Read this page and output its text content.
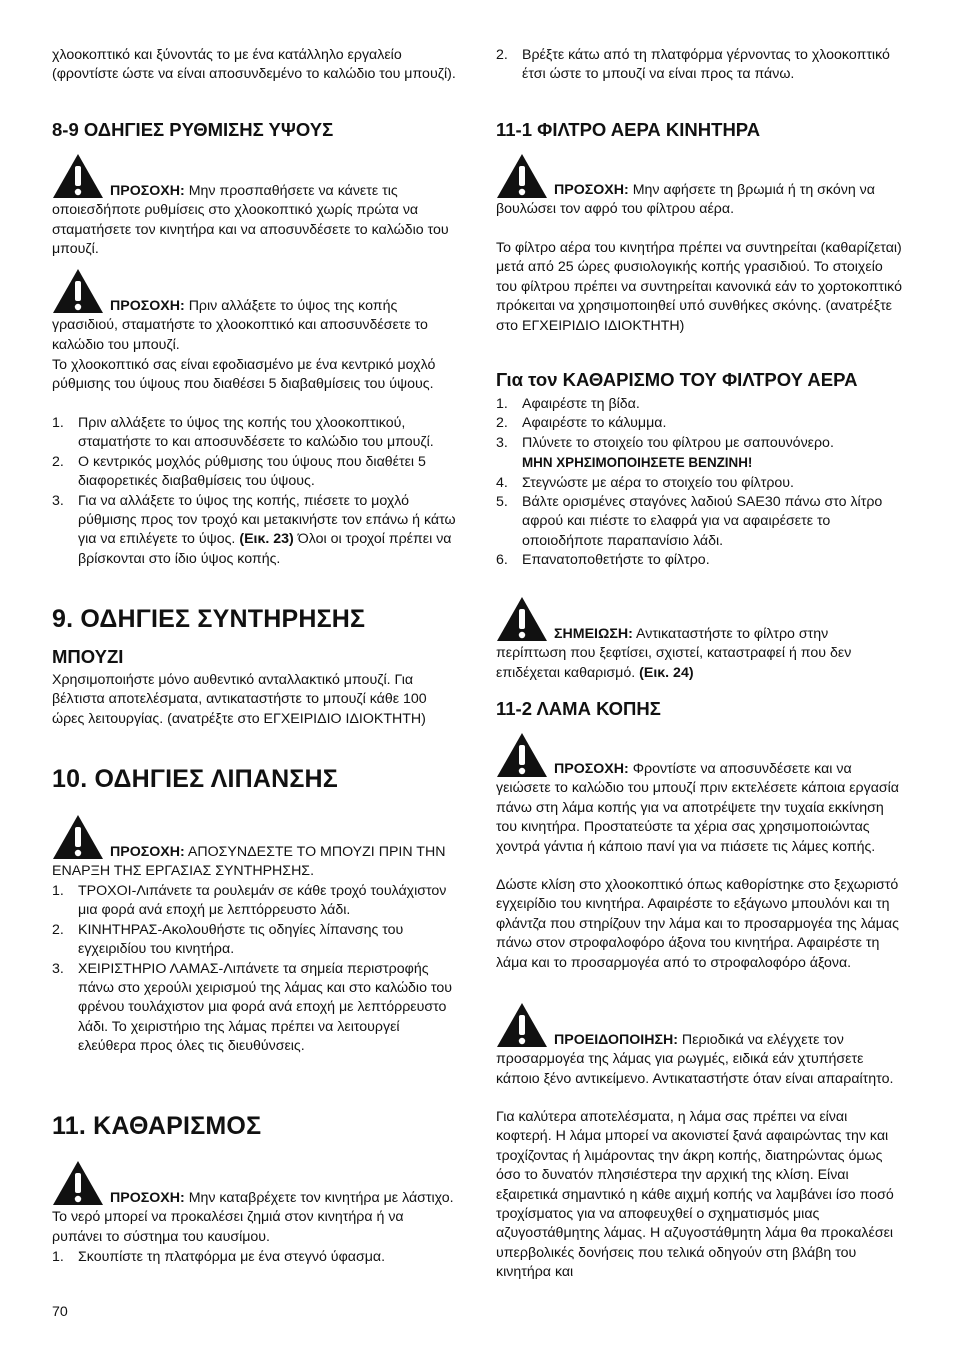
χλοοκοπτικό και ξύνοντάς το με ένα κατάλληλο εργαλείο (φροντίστε ώστε να είναι αποσυνδεμένο το καλώδιο του μπουζί).

8-9 ΟΔΗΓΙΕΣ ΡΥΘΜΙΣΗΣ ΥΨΟΥΣ

ΠΡΟΣΟΧΗ: Μην προσπαθήσετε να κάνετε τις οποιεσδήποτε ρυθμίσεις στο χλοοκοπτικό χωρίς πρώτα να σταματήσετε τον κινητήρα και να αποσυνδέσετε το καλώδιο του μπουζί.

ΠΡΟΣΟΧΗ: Πριν αλλάξετε το ύψος της κοπής γρασιδιού, σταματήστε το χλοοκοπτικό και αποσυνδέσετε το καλώδιο του μπουζί.

Το χλοοκοπτικό σας είναι εφοδιασμένο με ένα κεντρικό μοχλό ρύθμισης του ύψους που διαθέσει 5 διαβαθμίσεις του ύψους.

1. Πριν αλλάξετε το ύψος της κοπής του χλοοκοπτικού, σταματήστε το και αποσυνδέσετε το καλώδιο του μπουζί.
2. Ο κεντρικός μοχλός ρύθμισης του ύψους που διαθέτει 5 διαφορετικές διαβαθμίσεις του ύψους.
3. Για να αλλάξετε το ύψος της κοπής, πιέσετε το μοχλό ρύθμισης προς τον τροχό και μετακινήστε τον επάνω ή κάτω για να επιλέγετε το ύψος. (Εικ. 23) Όλοι οι τροχοί πρέπει να βρίσκονται στο ίδιο ύψος κοπής.
9. ΟΔΗΓΙΕΣ ΣΥΝΤΗΡΗΣΗΣ
ΜΠΟΥΖΙ

Χρησιμοποιήστε μόνο αυθεντικό ανταλλακτικό μπουζί. Για βέλτιστα αποτελέσματα, αντικαταστήστε το μπουζί κάθε 100 ώρες λειτουργίας. (ανατρέξτε στο ΕΓΧΕΙΡΙΔΙΟ ΙΔΙΟΚΤΗΤΗ)

10. ΟΔΗΓΙΕΣ ΛΙΠΑΝΣΗΣ

ΠΡΟΣΟΧΗ: ΑΠΟΣΥΝΔΕΣΤΕ ΤΟ ΜΠΟΥΖΙ ΠΡΙΝ ΤΗΝ ΕΝΑΡΞΗ ΤΗΣ ΕΡΓΑΣΙΑΣ ΣΥΝΤΗΡΗΣΗΣ.

1. ΤΡΟΧΟΙ-Λιπάνετε τα ρουλεμάν σε κάθε τροχό τουλάχιστον μια φορά ανά εποχή με λεπτόρρευστο λάδι.
2. ΚΙΝΗΤΗΡΑΣ-Ακολουθήστε τις οδηγίες λίπανσης του εγχειριδίου του κινητήρα.
3. ΧΕΙΡΙΣΤΗΡΙΟ ΛΑΜΑΣ-Λιπάνετε τα σημεία περιστροφής πάνω στο χερούλι χειρισμού της λάμας και στο καλώδιο του φρένου τουλάχιστον μια φορά ανά εποχή με λεπτόρρευστο λάδι. Το χειριστήριο της λάμας πρέπει να λειτουργεί ελεύθερα προς όλες τις διευθύνσεις.
11. ΚΑΘΑΡΙΣΜΟΣ

ΠΡΟΣΟΧΗ: Μην καταβρέχετε τον κινητήρα με λάστιχο. Το νερό μπορεί να προκαλέσει ζημιά στον κινητήρα ή να ρυπάνει το σύστημα του καυσίμου.

1. Σκουπίστε τη πλατφόρμα με ένα στεγνό ύφασμα.
2. Βρέξτε κάτω από τη πλατφόρμα γέρνοντας το χλοοκοπτικό έτσι ώστε το μπουζί να είναι προς τα πάνω.
11-1 ΦΙΛΤΡΟ ΑΕΡΑ ΚΙΝΗΤΗΡΑ

ΠΡΟΣΟΧΗ: Μην αφήσετε τη βρωμιά ή τη σκόνη να βουλώσει τον αφρό του φίλτρου αέρα.

Το φίλτρο αέρα του κινητήρα πρέπει να συντηρείται (καθαρίζεται) μετά από 25 ώρες φυσιολογικής κοπής γρασιδιού. Το στοιχείο του φίλτρου πρέπει να συντηρείται κανονικά εάν το χορτοκοπτικό πρόκειται να χρησιμοποιηθεί υπό συνθήκες σκόνης. (ανατρέξτε στο ΕΓΧΕΙΡΙΔΙΟ ΙΔΙΟΚΤΗΤΗ)

Για τον ΚΑΘΑΡΙΣΜΟ ΤΟΥ ΦΙΛΤΡΟΥ ΑΕΡΑ
1. Αφαιρέστε τη βίδα.
2. Αφαιρέστε το κάλυμμα.
3. Πλύνετε το στοιχείο του φίλτρου με σαπουνόνερο.
ΜΗΝ ΧΡΗΣΙΜΟΠΟΙΗΣΕΤΕ ΒΕΝΖΙΝΗ!
4. Στεγνώστε με αέρα το στοιχείο του φίλτρου.
5. Βάλτε ορισμένες σταγόνες λαδιού SAE30 πάνω στο λίτρο αφρού και πιέστε το ελαφρά για να αφαιρέσετε το οποιοδήποτε παραπανίσιο λάδι.
6. Επανατοποθετήστε το φίλτρο.

ΣΗΜΕΙΩΣΗ: Αντικαταστήστε το φίλτρο στην περίπτωση που ξεφτίσει, σχιστεί, καταστραφεί ή που δεν επιδέχεται καθαρισμό. (Εικ. 24)

11-2 ΛΑΜΑ ΚΟΠΗΣ

ΠΡΟΣΟΧΗ: Φροντίστε να αποσυνδέσετε και να γειώσετε το καλώδιο του μπουζί πριν εκτελέσετε κάποια εργασία πάνω στη λάμα κοπής για να αποτρέψετε την τυχαία εκκίνηση του κινητήρα. Προστατεύστε τα χέρια σας χρησιμοποιώντας χοντρά γάντια ή κάποιο πανί για να πιάσετε τις λάμες κοπής.

Δώστε κλίση στο χλοοκοπτικό όπως καθορίστηκε στο ξεχωριστό εγχειρίδιο του κινητήρα. Αφαιρέστε το εξάγωνο μπουλόνι και τη φλάντζα που στηρίζουν την λάμα και το προσαρμογέα της λάμας πάνω στον στροφαλοφόρο άξονα του κινητήρα. Αφαιρέστε τη λάμα και το προσαρμογέα από το στροφαλοφόρο άξονα.

ΠΡΟΕΙΔΟΠΟΙΗΣΗ: Περιοδικά να ελέγχετε τον προσαρμογέα της λάμας για ρωγμές, ειδικά εάν χτυπήσετε κάποιο ξένο αντικείμενο. Αντικαταστήστε όταν είναι απαραίτητο.

Για καλύτερα αποτελέσματα, η λάμα σας πρέπει να είναι κοφτερή. Η λάμα μπορεί να ακονιστεί ξανά αφαιρώντας την και τροχίζοντας ή λιμάροντας την άκρη κοπής, διατηρώντας όμως όσο το δυνατόν πλησιέστερα την αρχική της κλίση. Είναι εξαιρετικά σημαντικό η κάθε αιχμή κοπής να λαμβάνει ίσο ποσό τροχίσματος για να αποφευχθεί ο σχηματισμός μιας αζυγοστάθμητης λάμας. Η αζυγοστάθμητη λάμα θα προκαλέσει υπερβολικές δονήσεις που τελικά οδηγούν στη βλάβη του κινητήρα και

70
